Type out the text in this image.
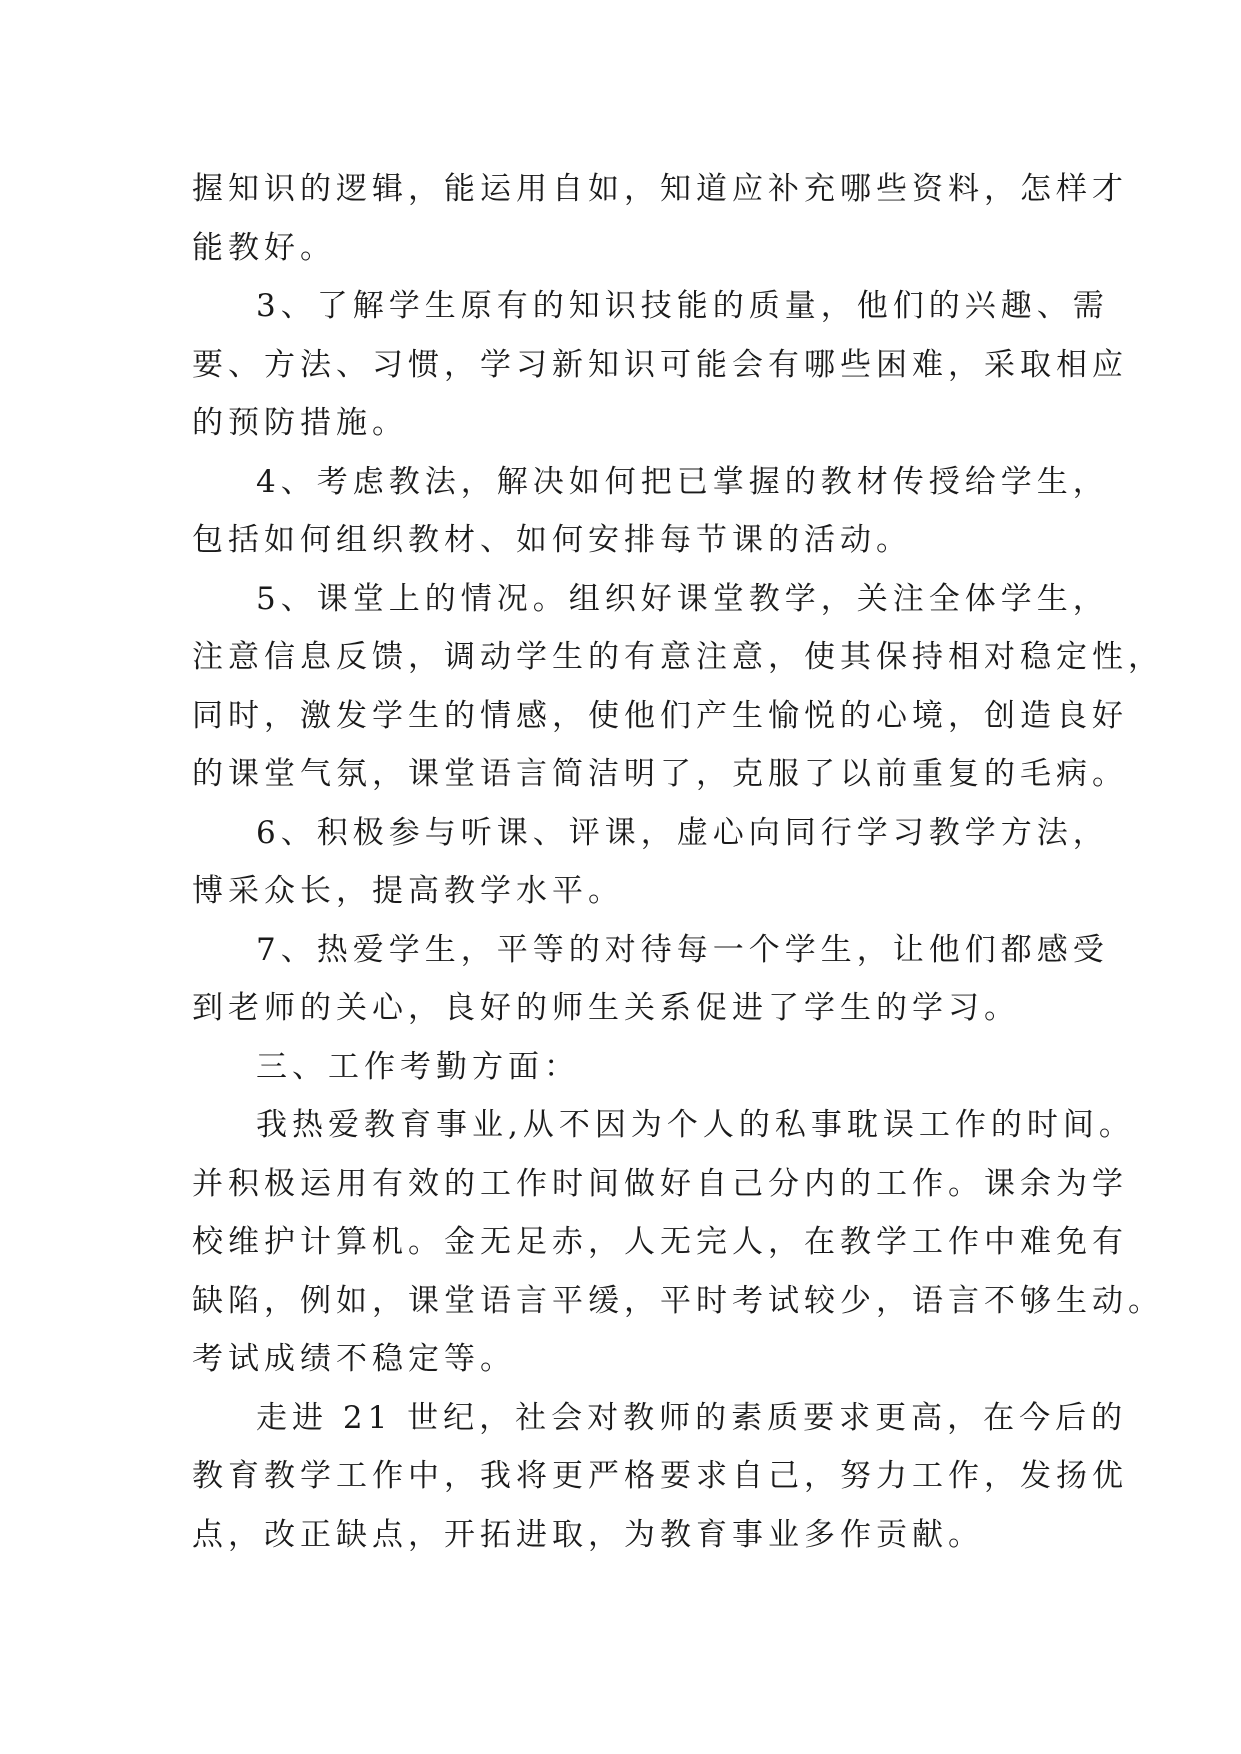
握知识的逻辑，能运用自如，知道应补充哪些资料，怎样才
能教好。

3、了解学生原有的知识技能的质量，他们的兴趣、需

要、方法、习惯，学习新知识可能会有哪些困难，采取相应
的预防措施。

4、考虑教法，解决如何把已掌握的教材传授给学生，

包括如何组织教材、如何安排每节课的活动。

5、课堂上的情况。组织好课堂教学，关注全体学生，

注意信息反馈，调动学生的有意注意，使其保持相对稳定性，
同时，激发学生的情感，使他们产生愉悦的心境，创造良好
的课堂气氛，课堂语言简洁明了，克服了以前重复的毛病。

6、积极参与听课、评课，虚心向同行学习教学方法，

博采众长，提高教学水平。

7、热爱学生，平等的对待每一个学生，让他们都感受

到老师的关心，良好的师生关系促进了学生的学习。

三、工作考勤方面：

我热爱教育事业,从不因为个人的私事耽误工作的时间。

并积极运用有效的工作时间做好自己分内的工作。课余为学
校维护计算机。金无足赤，人无完人，在教学工作中难免有
缺陷，例如，课堂语言平缓，平时考试较少，语言不够生动。
考试成绩不稳定等。

走进 21 世纪，社会对教师的素质要求更高，在今后的

教育教学工作中，我将更严格要求自己，努力工作，发扬优
点，改正缺点，开拓进取，为教育事业多作贡献。
